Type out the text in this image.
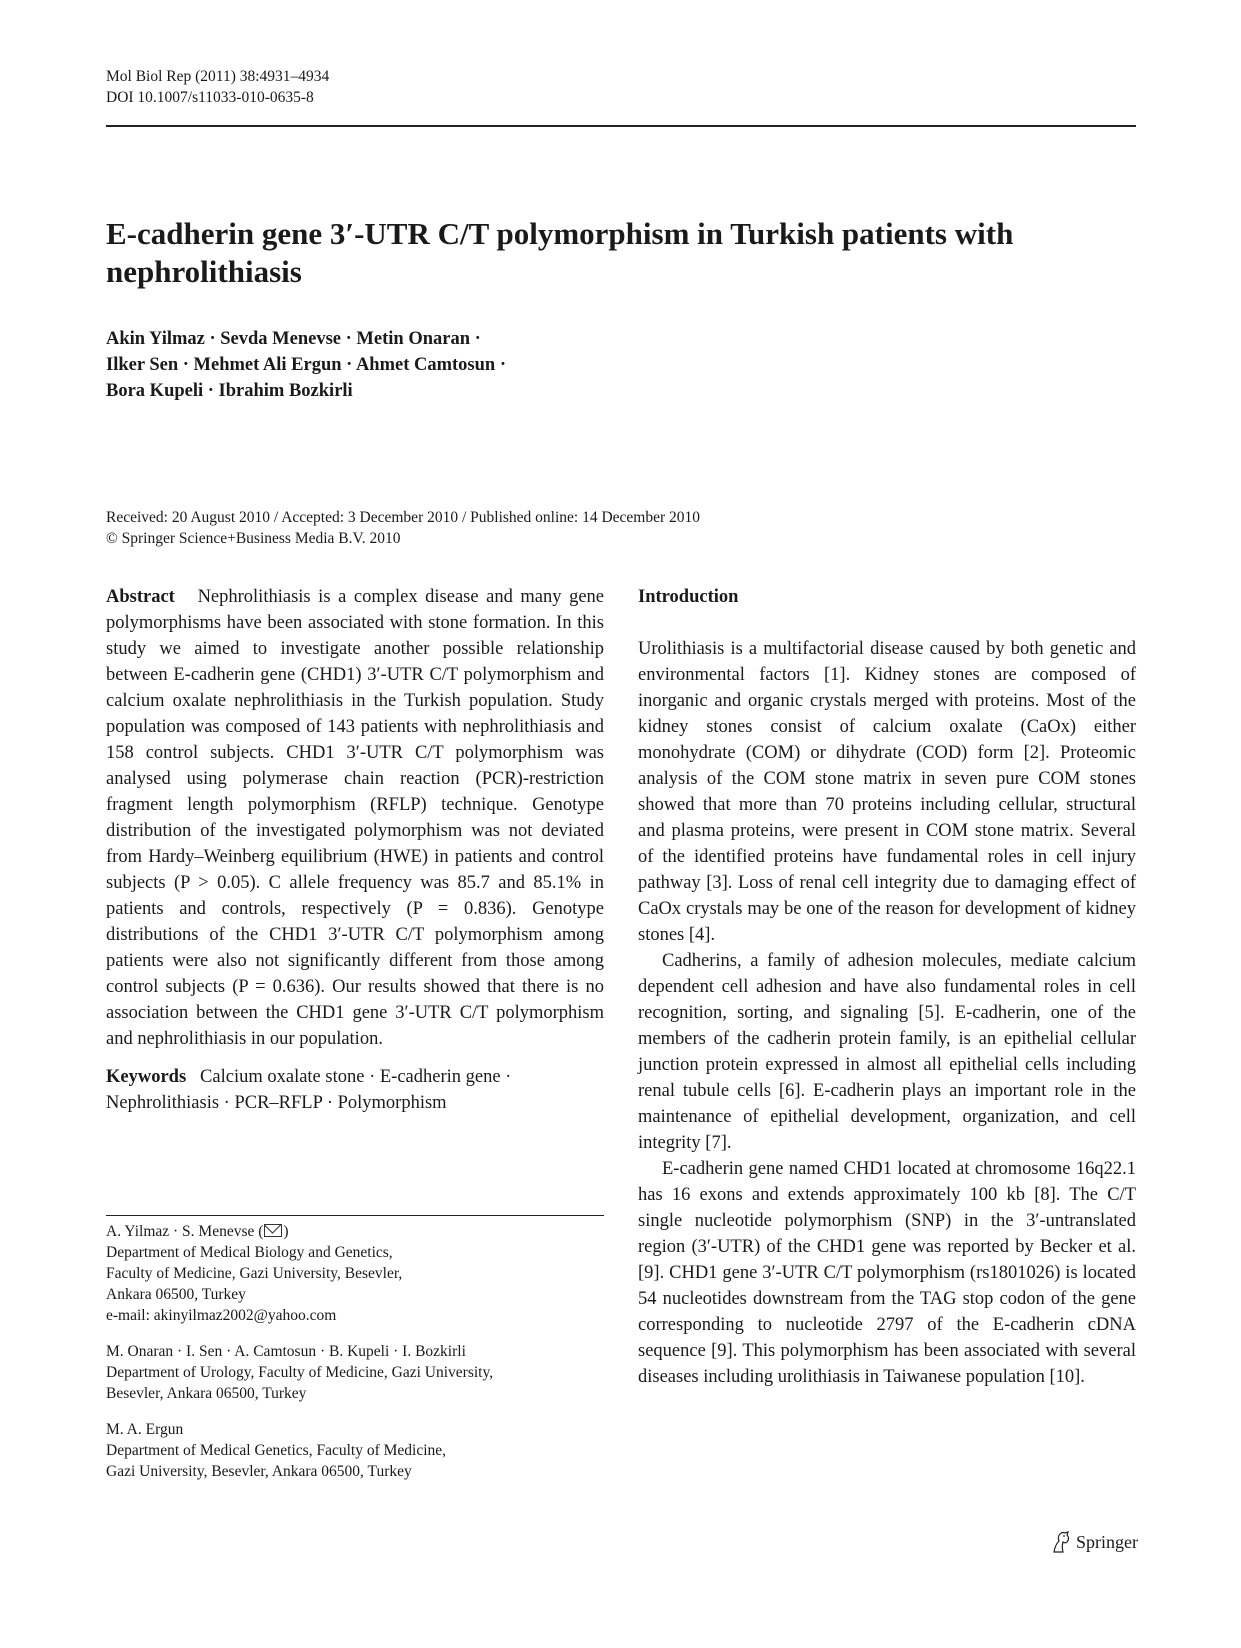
Mol Biol Rep (2011) 38:4931–4934
DOI 10.1007/s11033-010-0635-8
E-cadherin gene 3′-UTR C/T polymorphism in Turkish patients with nephrolithiasis
Akin Yilmaz · Sevda Menevse · Metin Onaran ·
Ilker Sen · Mehmet Ali Ergun · Ahmet Camtosun ·
Bora Kupeli · Ibrahim Bozkirli
Received: 20 August 2010 / Accepted: 3 December 2010 / Published online: 14 December 2010
© Springer Science+Business Media B.V. 2010

Abstract Nephrolithiasis is a complex disease and many gene polymorphisms have been associated with stone formation. In this study we aimed to investigate another possible relationship between E-cadherin gene (CHD1) 3′-UTR C/T polymorphism and calcium oxalate nephrolithiasis in the Turkish population. Study population was composed of 143 patients with nephrolithiasis and 158 control subjects. CHD1 3′-UTR C/T polymorphism was analysed using polymerase chain reaction (PCR)-restriction fragment length polymorphism (RFLP) technique. Genotype distribution of the investigated polymorphism was not deviated from Hardy–Weinberg equilibrium (HWE) in patients and control subjects (P > 0.05). C allele frequency was 85.7 and 85.1% in patients and controls, respectively (P = 0.836). Genotype distributions of the CHD1 3′-UTR C/T polymorphism among patients were also not significantly different from those among control subjects (P = 0.636). Our results showed that there is no association between the CHD1 gene 3′-UTR C/T polymorphism and nephrolithiasis in our population.

Keywords Calcium oxalate stone · E-cadherin gene · Nephrolithiasis · PCR–RFLP · Polymorphism

A. Yilmaz · S. Menevse ( )
Department of Medical Biology and Genetics,
Faculty of Medicine, Gazi University, Besevler,
Ankara 06500, Turkey
e-mail: akinyilmaz2002@yahoo.com
M. Onaran · I. Sen · A. Camtosun · B. Kupeli · I. Bozkirli
Department of Urology, Faculty of Medicine, Gazi University,
Besevler, Ankara 06500, Turkey
M. A. Ergun
Department of Medical Genetics, Faculty of Medicine,
Gazi University, Besevler, Ankara 06500, Turkey
Introduction

Urolithiasis is a multifactorial disease caused by both genetic and environmental factors [1]. Kidney stones are composed of inorganic and organic crystals merged with proteins. Most of the kidney stones consist of calcium oxalate (CaOx) either monohydrate (COM) or dihydrate (COD) form [2]. Proteomic analysis of the COM stone matrix in seven pure COM stones showed that more than 70 proteins including cellular, structural and plasma proteins, were present in COM stone matrix. Several of the identified proteins have fundamental roles in cell injury pathway [3]. Loss of renal cell integrity due to damaging effect of CaOx crystals may be one of the reason for development of kidney stones [4].

Cadherins, a family of adhesion molecules, mediate calcium dependent cell adhesion and have also fundamental roles in cell recognition, sorting, and signaling [5]. E-cadherin, one of the members of the cadherin protein family, is an epithelial cellular junction protein expressed in almost all epithelial cells including renal tubule cells [6]. E-cadherin plays an important role in the maintenance of epithelial development, organization, and cell integrity [7].

E-cadherin gene named CHD1 located at chromosome 16q22.1 has 16 exons and extends approximately 100 kb [8]. The C/T single nucleotide polymorphism (SNP) in the 3′-untranslated region (3′-UTR) of the CHD1 gene was reported by Becker et al. [9]. CHD1 gene 3′-UTR C/T polymorphism (rs1801026) is located 54 nucleotides downstream from the TAG stop codon of the gene corresponding to nucleotide 2797 of the E-cadherin cDNA sequence [9]. This polymorphism has been associated with several diseases including urolithiasis in Taiwanese population [10].

Springer
